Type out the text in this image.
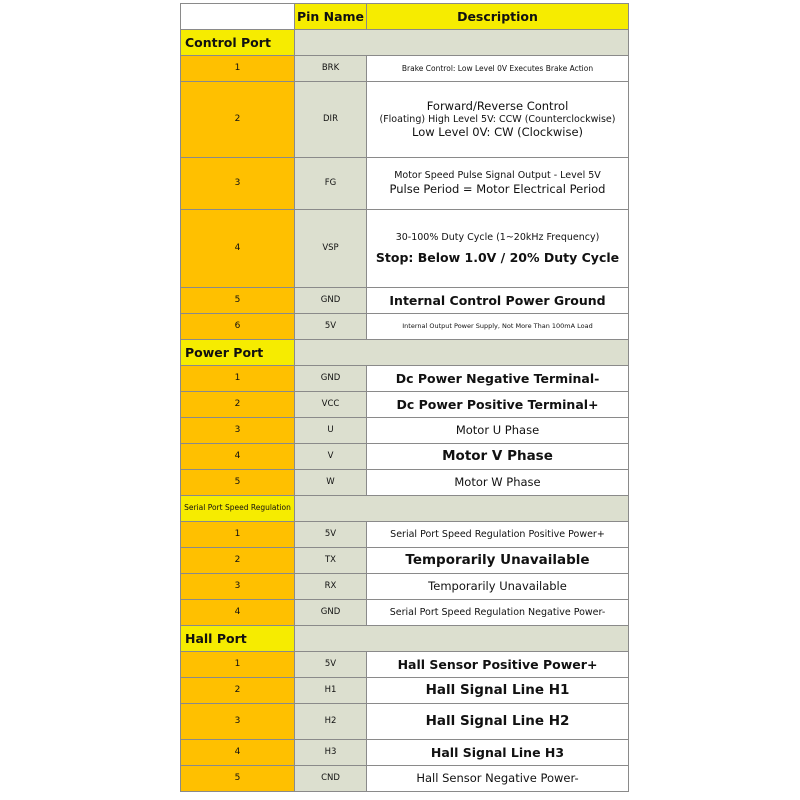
	Pin Name	Description
Control Port		
1	BRK	Brake Control: Low Level 0V Executes Brake Action

2	DIR	Forward/Reverse Control
(Floating) High Level 5V: CCW (Counterclockwise)
Low Level 0V: CW (Clockwise)

3	FG	Motor Speed Pulse Signal Output - Level 5V
Pulse Period = Motor Electrical Period

4	VSP	30-100% Duty Cycle (1~20kHz Frequency)
Stop: Below 1.0V / 20% Duty Cycle

5	GND	Internal Control Power Ground

6	5V	Internal Output Power Supply, Not More Than 100mA Load

Power Port		
1	GND	Dc Power Negative Terminal-

2	VCC	Dc Power Positive Terminal+

3	U	Motor U Phase

4	V	Motor V Phase

5	W	Motor W Phase

Serial Port Speed Regulation		
1	5V	Serial Port Speed Regulation Positive Power+

2	TX	Temporarily Unavailable

3	RX	Temporarily Unavailable

4	GND	Serial Port Speed Regulation Negative Power-

Hall Port		
1	5V	Hall Sensor Positive Power+

2	H1	Hall Signal Line H1

3	H2	Hall Signal Line H2

4	H3	Hall Signal Line H3

5	CND	Hall Sensor Negative Power-
